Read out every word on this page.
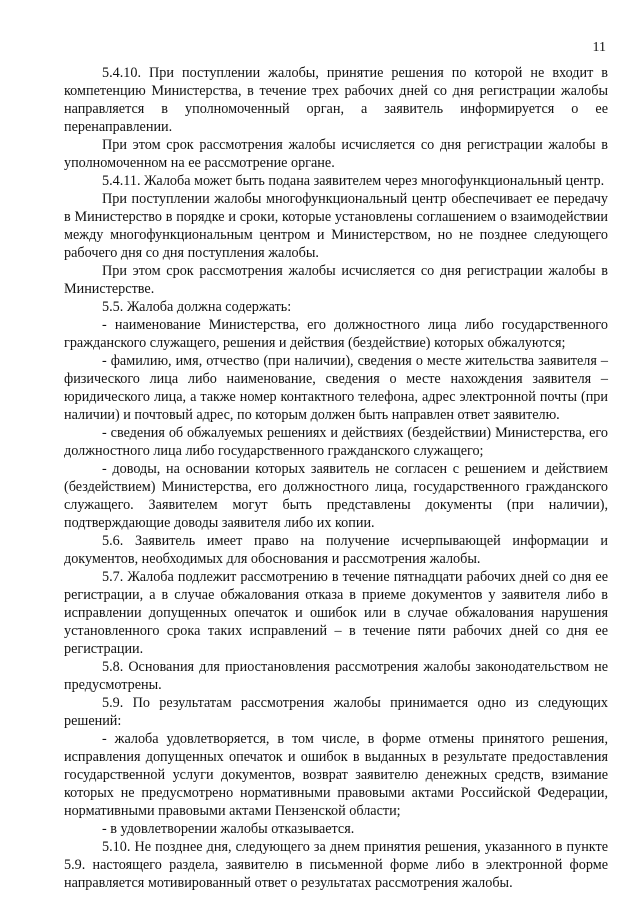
11

5.4.10. При поступлении жалобы, принятие решения по которой не входит в компетенцию Министерства, в течение трех рабочих дней со дня регистрации жалобы направляется в уполномоченный орган, а заявитель информируется о ее перенаправлении.

При этом срок рассмотрения жалобы исчисляется со дня регистрации жалобы в уполномоченном на ее рассмотрение органе.

5.4.11. Жалоба может быть подана заявителем через многофункциональный центр.

При поступлении жалобы многофункциональный центр обеспечивает ее передачу в Министерство в порядке и сроки, которые установлены соглашением о взаимодействии между многофункциональным центром и Министерством, но не позднее следующего рабочего дня со дня поступления жалобы.

При этом срок рассмотрения жалобы исчисляется со дня регистрации жалобы в Министерстве.

5.5. Жалоба должна содержать:

- наименование Министерства, его должностного лица либо государственного гражданского служащего, решения и действия (бездействие) которых обжалуются;

- фамилию, имя, отчество (при наличии), сведения о месте жительства заявителя – физического лица либо наименование, сведения о месте нахождения заявителя – юридического лица, а также номер контактного телефона, адрес электронной почты (при наличии) и почтовый адрес, по которым должен быть направлен ответ заявителю.

- сведения об обжалуемых решениях и действиях (бездействии) Министерства, его должностного лица либо государственного гражданского служащего;

- доводы, на основании которых заявитель не согласен с решением и действием (бездействием) Министерства, его должностного лица, государственного гражданского служащего. Заявителем могут быть представлены документы (при наличии), подтверждающие доводы заявителя либо их копии.

5.6. Заявитель имеет право на получение исчерпывающей информации и документов, необходимых для обоснования и рассмотрения жалобы.

5.7. Жалоба подлежит рассмотрению в течение пятнадцати рабочих дней со дня ее регистрации, а в случае обжалования отказа в приеме документов у заявителя либо в исправлении допущенных опечаток и ошибок или в случае обжалования нарушения установленного срока таких исправлений – в течение пяти рабочих дней со дня ее регистрации.

5.8. Основания для приостановления рассмотрения жалобы законодательством не предусмотрены.

5.9. По результатам рассмотрения жалобы принимается одно из следующих решений:

- жалоба удовлетворяется, в том числе, в форме отмены принятого решения, исправления допущенных опечаток и ошибок в выданных в результате предоставления государственной услуги документов, возврат заявителю денежных средств, взимание которых не предусмотрено нормативными правовыми актами Российской Федерации, нормативными правовыми актами Пензенской области;

- в удовлетворении жалобы отказывается.

5.10. Не позднее дня, следующего за днем принятия решения, указанного в пункте 5.9. настоящего раздела, заявителю в письменной форме либо в электронной форме направляется мотивированный ответ о результатах рассмотрения жалобы.
